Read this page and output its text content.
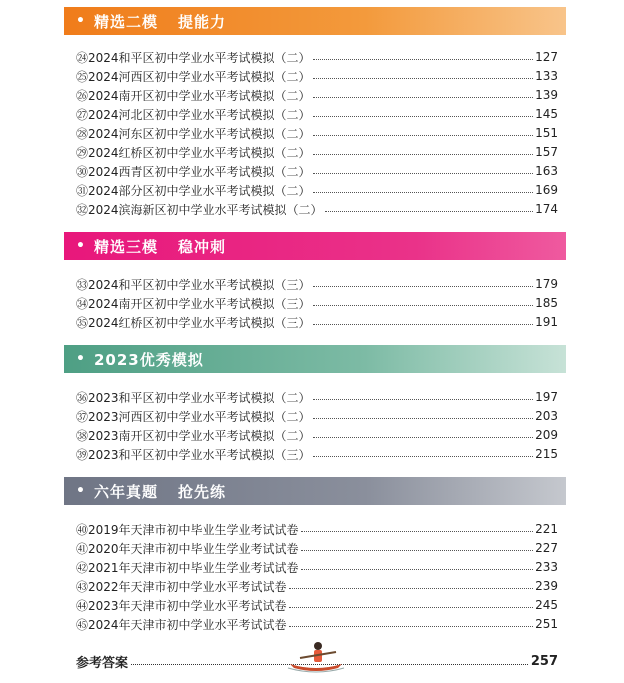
• 精选二模 提能力
㉔2024和平区初中学业水平考试模拟（二）	127
㉕2024河西区初中学业水平考试模拟（二）	133
㉖2024南开区初中学业水平考试模拟（二）	139
㉗2024河北区初中学业水平考试模拟（二）	145
㉘2024河东区初中学业水平考试模拟（二）	151
㉙2024红桥区初中学业水平考试模拟（二）	157
㉚2024西青区初中学业水平考试模拟（二）	163
㉛2024部分区初中学业水平考试模拟（二）	169
㉜2024滨海新区初中学业水平考试模拟（二）	174
• 精选三模 稳冲刺
㉝2024和平区初中学业水平考试模拟（三）	179
㉞2024南开区初中学业水平考试模拟（三）	185
㉟2024红桥区初中学业水平考试模拟（三）	191
• 2023优秀模拟
㊱2023和平区初中学业水平考试模拟（二）	197
㊲2023河西区初中学业水平考试模拟（二）	203
㊳2023南开区初中学业水平考试模拟（二）	209
㊴2023和平区初中学业水平考试模拟（三）	215
• 六年真题 抢先练
㊵2019年天津市初中毕业生学业考试试卷	221
㊶2020年天津市初中毕业生学业考试试卷	227
㊷2021年天津市初中毕业生学业考试试卷	233
㊸2022年天津市初中学业水平考试试卷	239
㊹2023年天津市初中学业水平考试试卷	245
㊺2024年天津市初中学业水平考试试卷	251
参考答案	257
